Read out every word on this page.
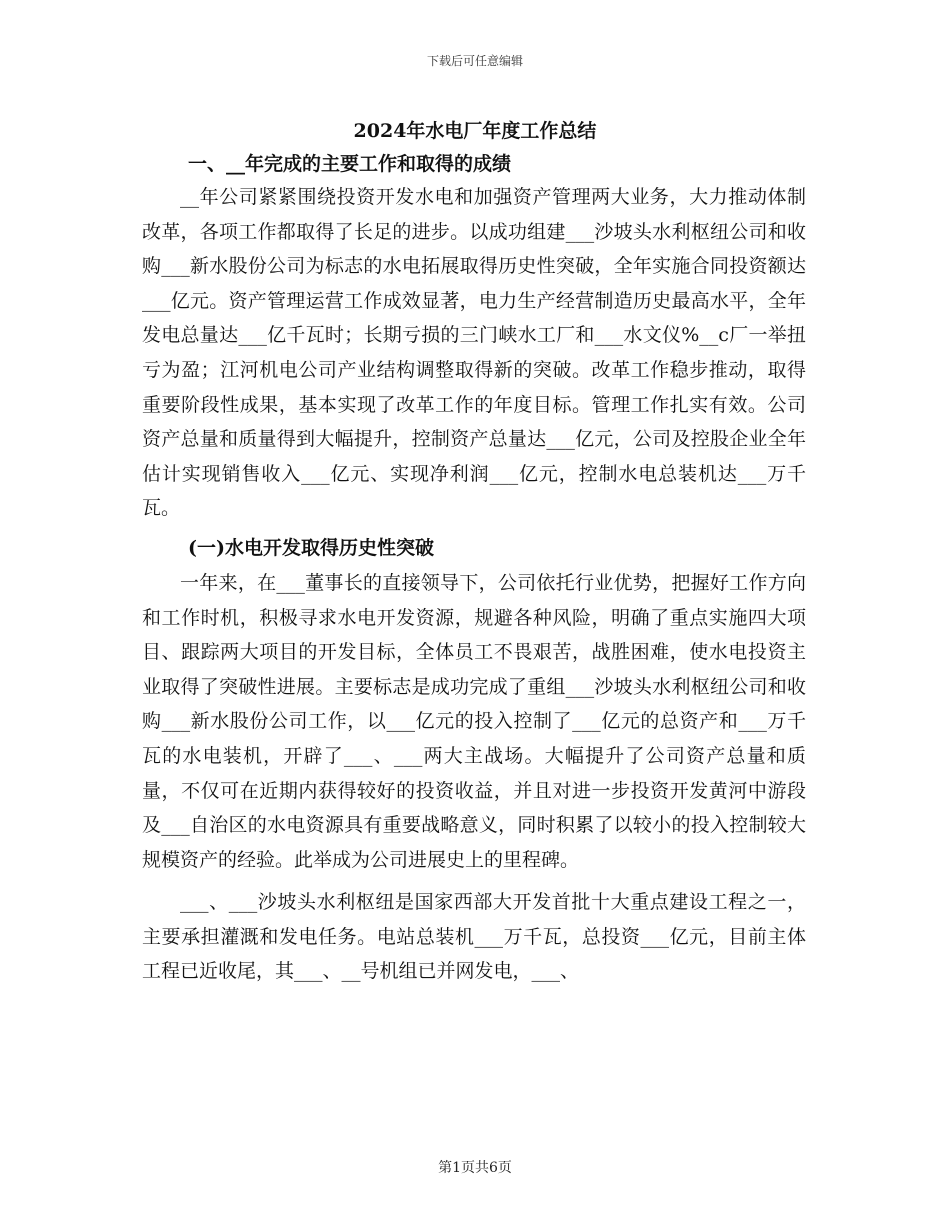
下载后可任意编辑
2024年水电厂年度工作总结

一、__年完成的主要工作和取得的成绩

__年公司紧紧围绕投资开发水电和加强资产管理两大业务，大力推动体制改革，各项工作都取得了长足的进步。以成功组建___沙坡头水利枢纽公司和收购___新水股份公司为标志的水电拓展取得历史性突破，全年实施合同投资额达___亿元。资产管理运营工作成效显著，电力生产经营制造历史最高水平，全年发电总量达___亿千瓦时；长期亏损的三门峡水工厂和___水文仪%__c厂一举扭亏为盈；江河机电公司产业结构调整取得新的突破。改革工作稳步推动，取得重要阶段性成果，基本实现了改革工作的年度目标。管理工作扎实有效。公司资产总量和质量得到大幅提升，控制资产总量达___亿元，公司及控股企业全年估计实现销售收入___亿元、实现净利润___亿元，控制水电总装机达___万千瓦。

(一)水电开发取得历史性突破

一年来，在___董事长的直接领导下，公司依托行业优势，把握好工作方向和工作时机，积极寻求水电开发资源，规避各种风险，明确了重点实施四大项目、跟踪两大项目的开发目标，全体员工不畏艰苦，战胜困难，使水电投资主业取得了突破性进展。主要标志是成功完成了重组___沙坡头水利枢纽公司和收购___新水股份公司工作，以___亿元的投入控制了___亿元的总资产和___万千瓦的水电装机，开辟了___、___两大主战场。大幅提升了公司资产总量和质量，不仅可在近期内获得较好的投资收益，并且对进一步投资开发黄河中游段及___自治区的水电资源具有重要战略意义，同时积累了以较小的投入控制较大规模资产的经验。此举成为公司进展史上的里程碑。

___、___沙坡头水利枢纽是国家西部大开发首批十大重点建设工程之一，主要承担灌溉和发电任务。电站总装机___万千瓦，总投资___亿元，目前主体工程已近收尾，其___、__号机组已并网发电，___、

第1页共6页
